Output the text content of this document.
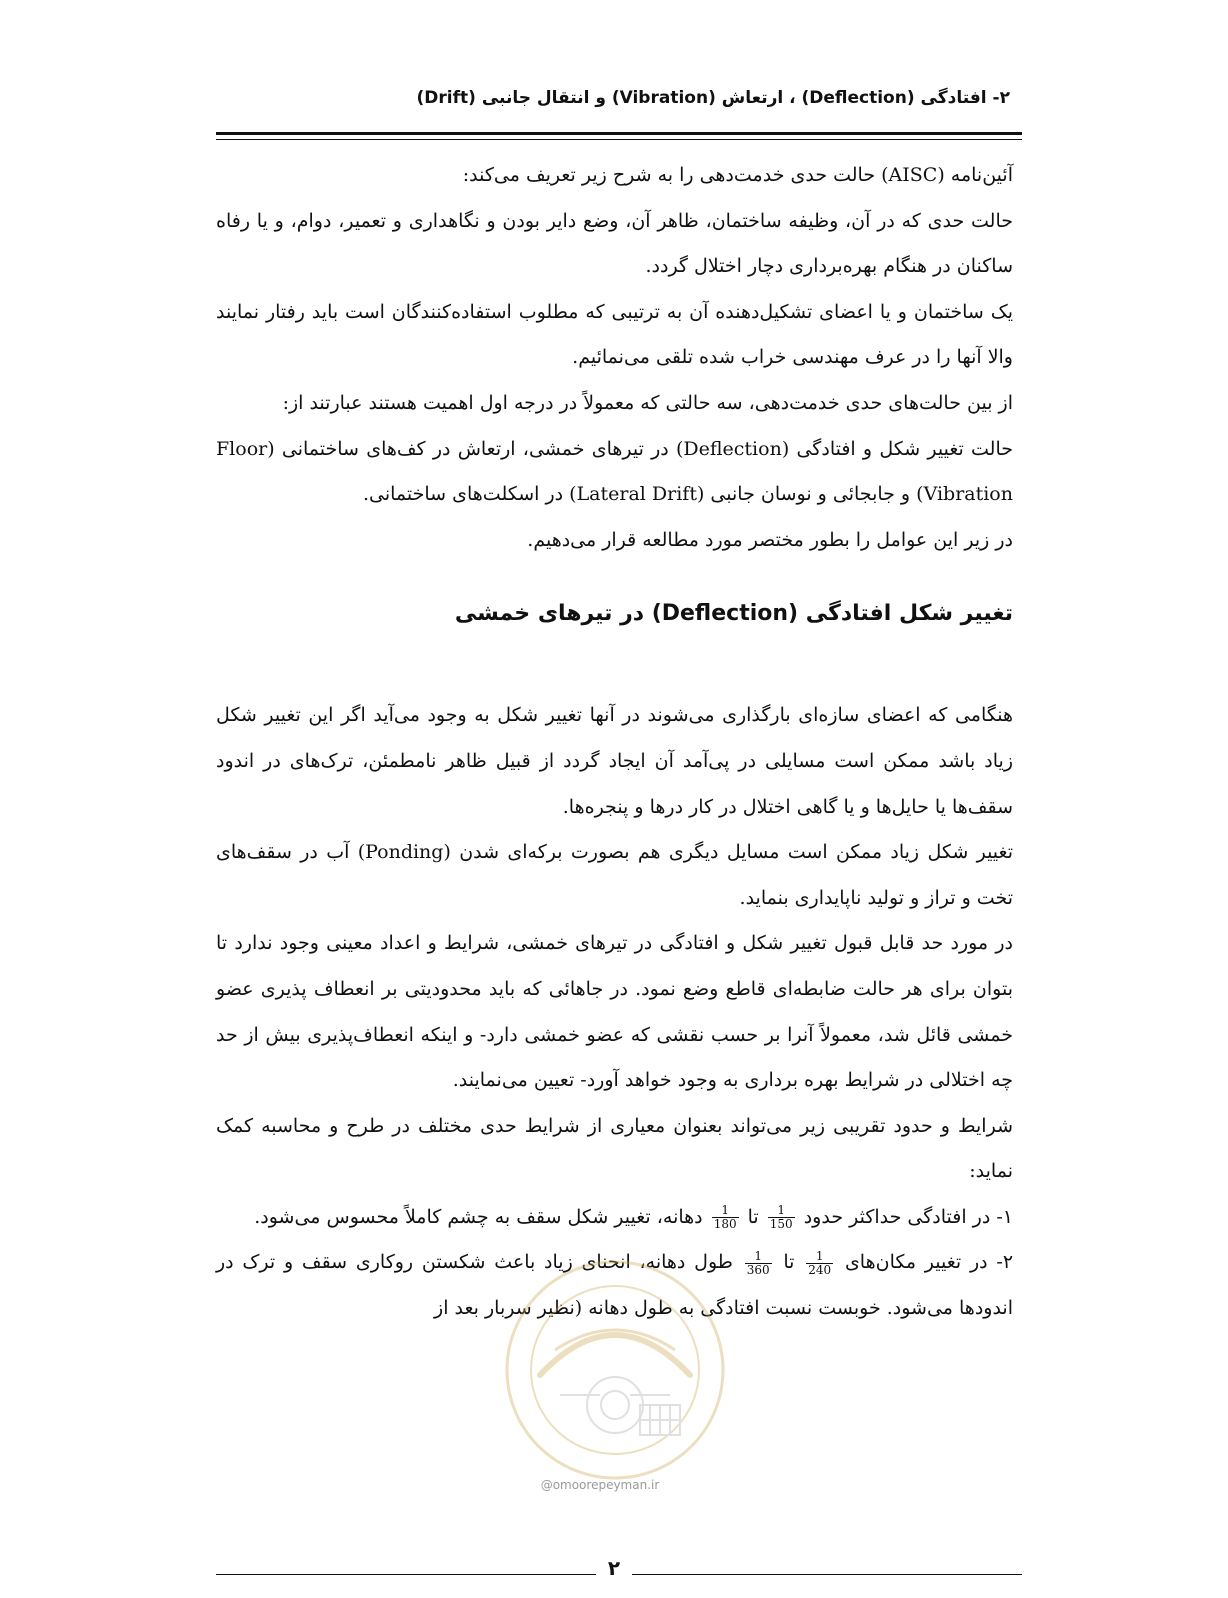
۲- افتادگی (Deflection) ، ارتعاش (Vibration) و انتقال جانبی (Drift)

آئین‌نامه (AISC) حالت حدی خدمت‌دهی را به شرح زیر تعریف می‌کند:

حالت حدی که در آن، وظیفه ساختمان، ظاهر آن، وضع دایر بودن و نگاهداری و تعمیر، دوام، و یا رفاه ساکنان در هنگام بهره‌برداری دچار اختلال گردد.

یک ساختمان و یا اعضای تشکیل‌دهنده آن به ترتیبی که مطلوب استفاده‌کنندگان است باید رفتار نمایند والا آنها را در عرف مهندسی خراب شده تلقی می‌نمائیم.

از بین حالت‌های حدی خدمت‌دهی، سه حالتی که معمولاً در درجه اول اهمیت هستند عبارتند از:

حالت تغییر شکل و افتادگی (Deflection) در تیرهای خمشی، ارتعاش در کف‌های ساختمانی (Floor Vibration) و جابجائی و نوسان جانبی (Lateral Drift) در اسکلت‌های ساختمانی.

در زیر این عوامل را بطور مختصر مورد مطالعه قرار می‌دهیم.

تغییر شکل افتادگی (Deflection) در تیرهای خمشی

هنگامی که اعضای سازه‌ای بارگذاری می‌شوند در آنها تغییر شکل به وجود می‌آید اگر این تغییر شکل زیاد باشد ممکن است مسایلی در پی‌آمد آن ایجاد گردد از قبیل ظاهر نامطمئن، ترک‌های در اندود سقف‌ها یا حایل‌ها و یا گاهی اختلال در کار درها و پنجره‌ها.

تغییر شکل زیاد ممکن است مسایل دیگری هم بصورت برکه‌ای شدن (Ponding) آب در سقف‌های تخت و تراز و تولید ناپایداری بنماید.

در مورد حد قابل قبول تغییر شکل و افتادگی در تیرهای خمشی، شرایط و اعداد معینی وجود ندارد تا بتوان برای هر حالت ضابطه‌ای قاطع وضع نمود. در جاهائی که باید محدودیتی بر انعطاف پذیری عضو خمشی قائل شد، معمولاً آنرا بر حسب نقشی که عضو خمشی دارد- و اینکه انعطاف‌پذیری بیش از حد چه اختلالی در شرایط بهره برداری به وجود خواهد آورد- تعیین می‌نمایند.

شرایط و حدود تقریبی زیر می‌تواند بعنوان معیاری از شرایط حدی مختلف در طرح و محاسبه کمک نماید:

۱- در افتادگی حداکثر حدود
$\frac{1}{150}$
تا
$\frac{1}{180}$
دهانه، تغییر شکل سقف به چشم کاملاً محسوس می‌شود.

۲- در تغییر مکان‌های
$\frac{1}{240}$
تا
$\frac{1}{360}$
طول دهانه، انحنای زیاد باعث شکستن روکاری سقف و ترک در اندودها می‌شود. خوبست نسبت افتادگی به طول دهانه (نظیر سربار بعد از

@omoorepeyman.ir
۲
